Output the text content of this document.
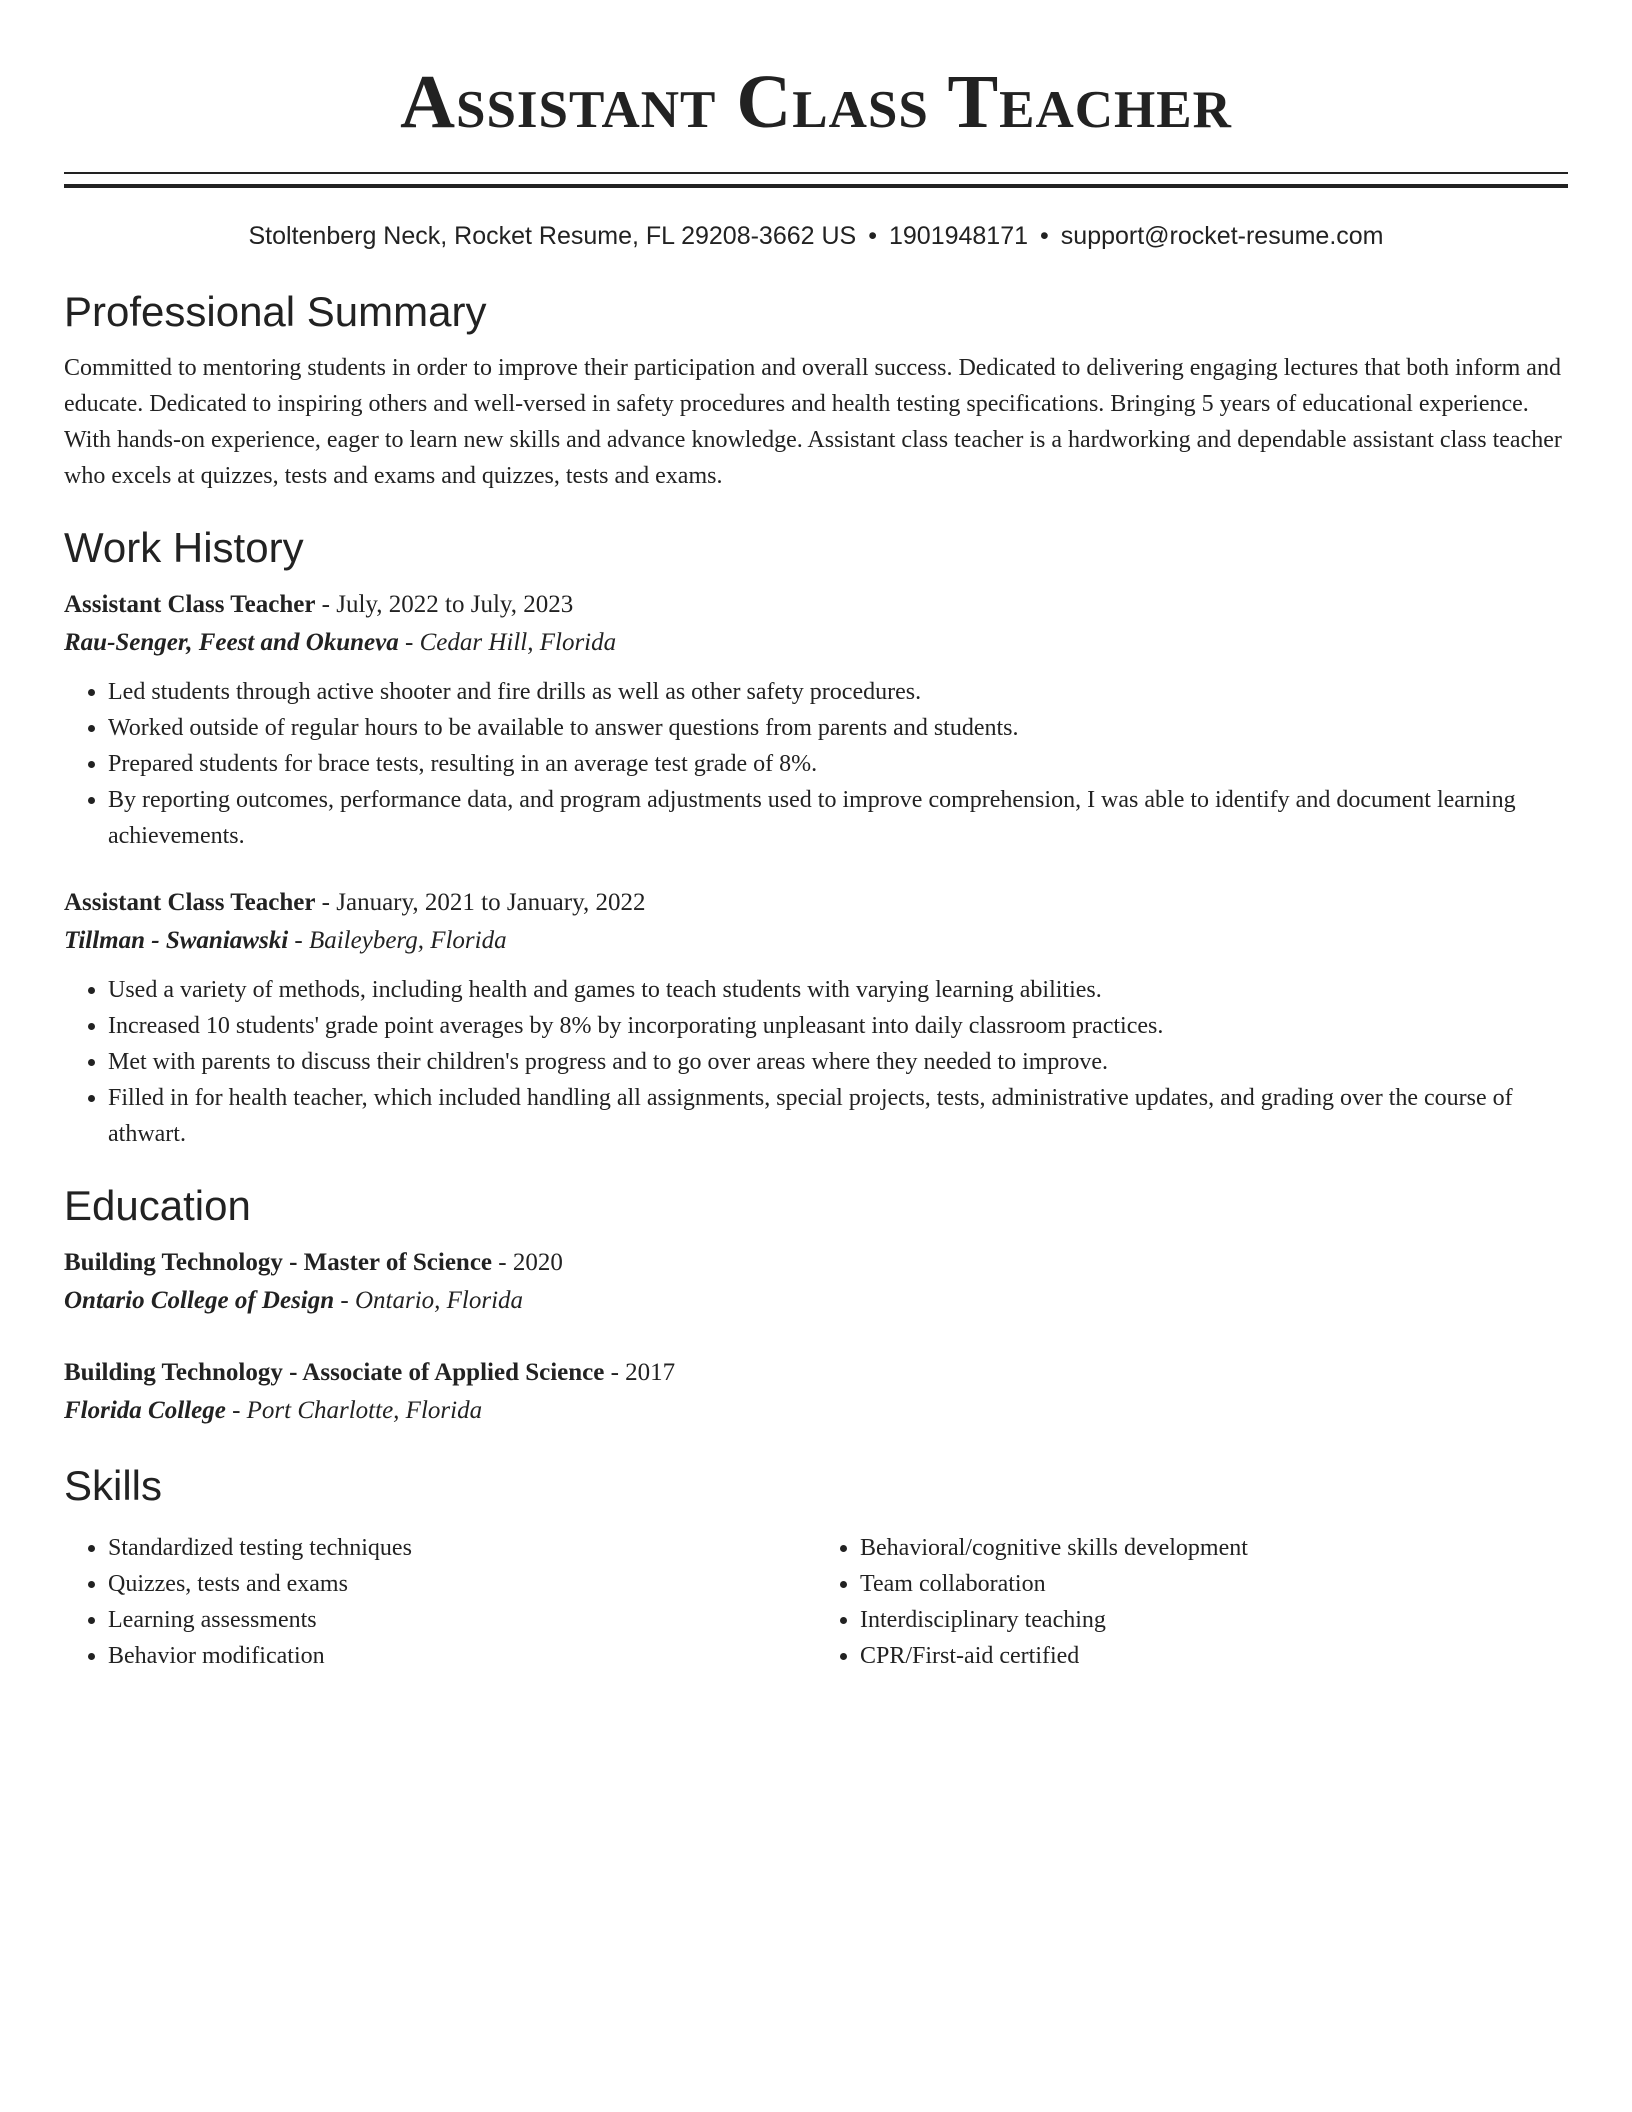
Assistant Class Teacher
Stoltenberg Neck, Rocket Resume, FL 29208-3662 US • 1901948171 • support@rocket-resume.com
Professional Summary
Committed to mentoring students in order to improve their participation and overall success. Dedicated to delivering engaging lectures that both inform and educate. Dedicated to inspiring others and well-versed in safety procedures and health testing specifications. Bringing 5 years of educational experience. With hands-on experience, eager to learn new skills and advance knowledge. Assistant class teacher is a hardworking and dependable assistant class teacher who excels at quizzes, tests and exams and quizzes, tests and exams.
Work History
Assistant Class Teacher - July, 2022 to July, 2023
Rau-Senger, Feest and Okuneva - Cedar Hill, Florida
• Led students through active shooter and fire drills as well as other safety procedures.
• Worked outside of regular hours to be available to answer questions from parents and students.
• Prepared students for brace tests, resulting in an average test grade of 8%.
• By reporting outcomes, performance data, and program adjustments used to improve comprehension, I was able to identify and document learning achievements.
Assistant Class Teacher - January, 2021 to January, 2022
Tillman - Swaniawski - Baileyberg, Florida
• Used a variety of methods, including health and games to teach students with varying learning abilities.
• Increased 10 students' grade point averages by 8% by incorporating unpleasant into daily classroom practices.
• Met with parents to discuss their children's progress and to go over areas where they needed to improve.
• Filled in for health teacher, which included handling all assignments, special projects, tests, administrative updates, and grading over the course of athwart.
Education
Building Technology - Master of Science - 2020
Ontario College of Design - Ontario, Florida
Building Technology - Associate of Applied Science - 2017
Florida College - Port Charlotte, Florida
Skills
• Standardized testing techniques
• Quizzes, tests and exams
• Learning assessments
• Behavior modification
• Behavioral/cognitive skills development
• Team collaboration
• Interdisciplinary teaching
• CPR/First-aid certified
